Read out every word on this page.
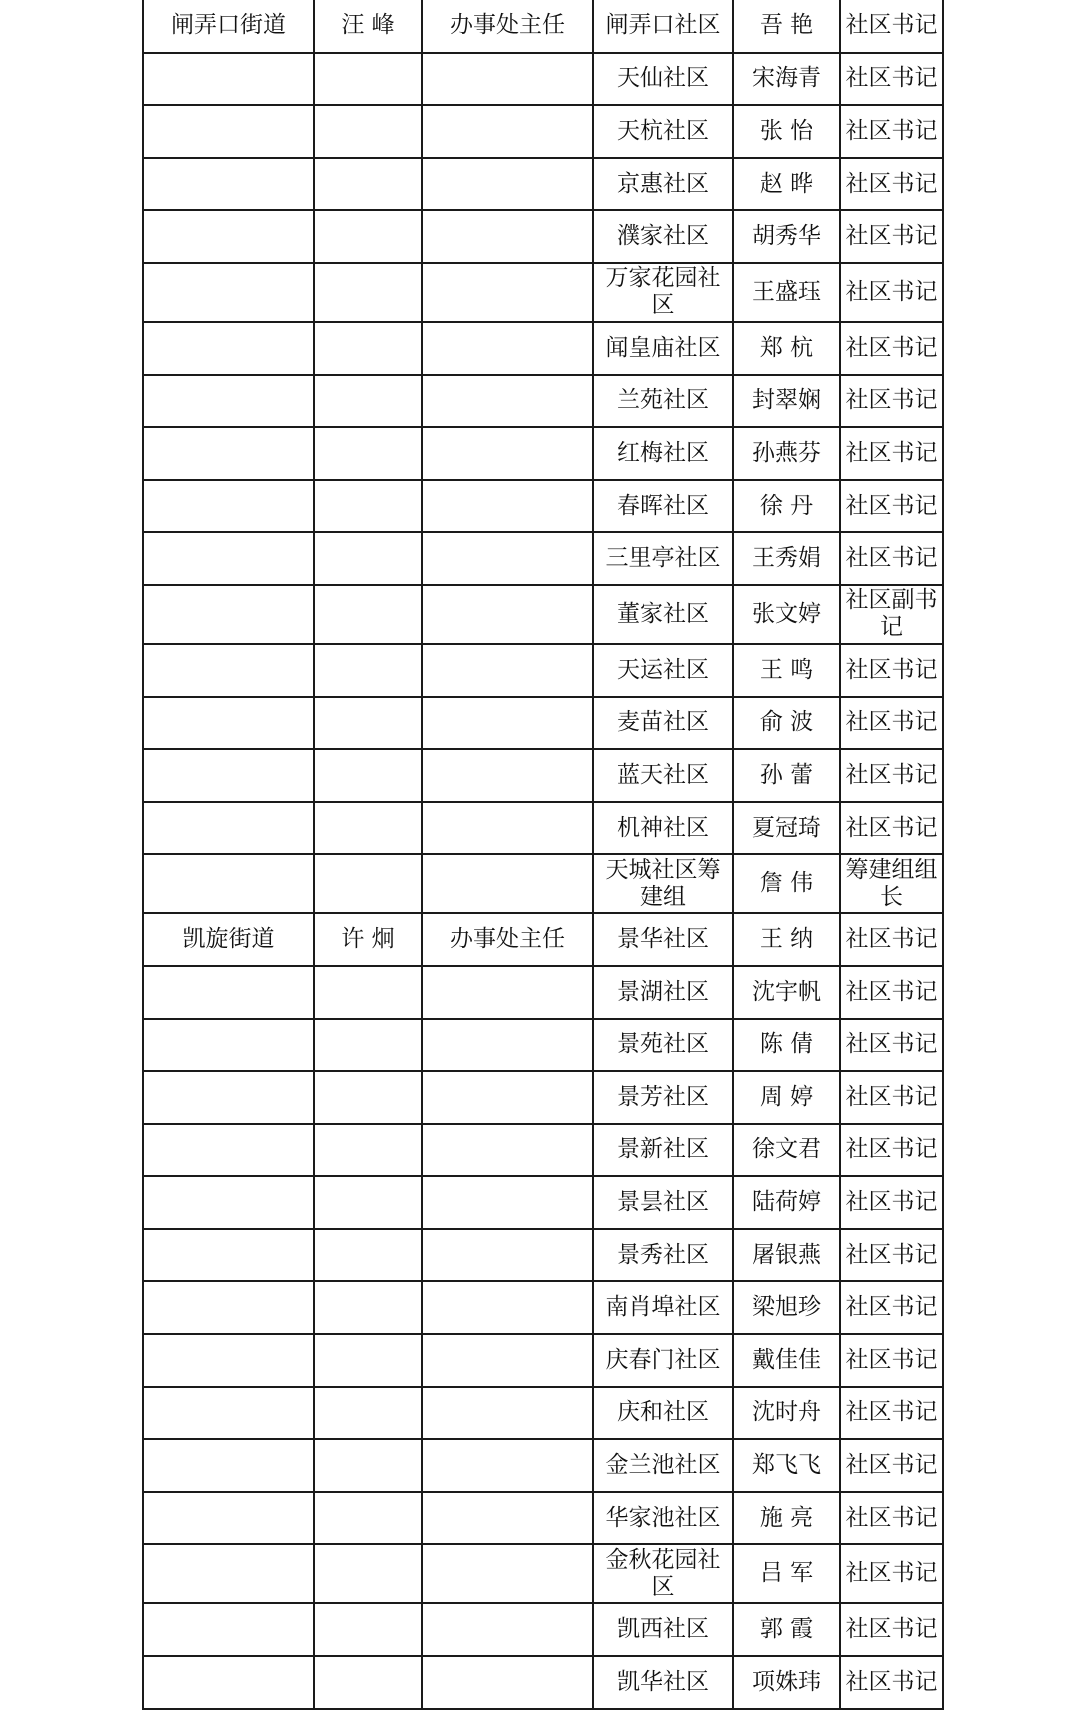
闸弄口街道	汪 峰	办事处主任	闸弄口社区	吾 艳	社区书记
			天仙社区	宋海青	社区书记
			天杭社区	张 怡	社区书记
			京惠社区	赵 晔	社区书记
			濮家社区	胡秀华	社区书记
			万家花园社区	王盛珏	社区书记
			闻皇庙社区	郑 杭	社区书记
			兰苑社区	封翠娴	社区书记
			红梅社区	孙燕芬	社区书记
			春晖社区	徐 丹	社区书记
			三里亭社区	王秀娟	社区书记
			董家社区	张文婷	社区副书记
			天运社区	王 鸣	社区书记
			麦苗社区	俞 波	社区书记
			蓝天社区	孙 蕾	社区书记
			机神社区	夏冠琦	社区书记
			天城社区筹建组	詹 伟	筹建组组长
凯旋街道	许 炯	办事处主任	景华社区	王 纳	社区书记
			景湖社区	沈宇帆	社区书记
			景苑社区	陈 倩	社区书记
			景芳社区	周 婷	社区书记
			景新社区	徐文君	社区书记
			景昙社区	陆荷婷	社区书记
			景秀社区	屠银燕	社区书记
			南肖埠社区	梁旭珍	社区书记
			庆春门社区	戴佳佳	社区书记
			庆和社区	沈时舟	社区书记
			金兰池社区	郑飞飞	社区书记
			华家池社区	施 亮	社区书记
			金秋花园社区	吕 军	社区书记
			凯西社区	郭 霞	社区书记
			凯华社区	项姝玮	社区书记
